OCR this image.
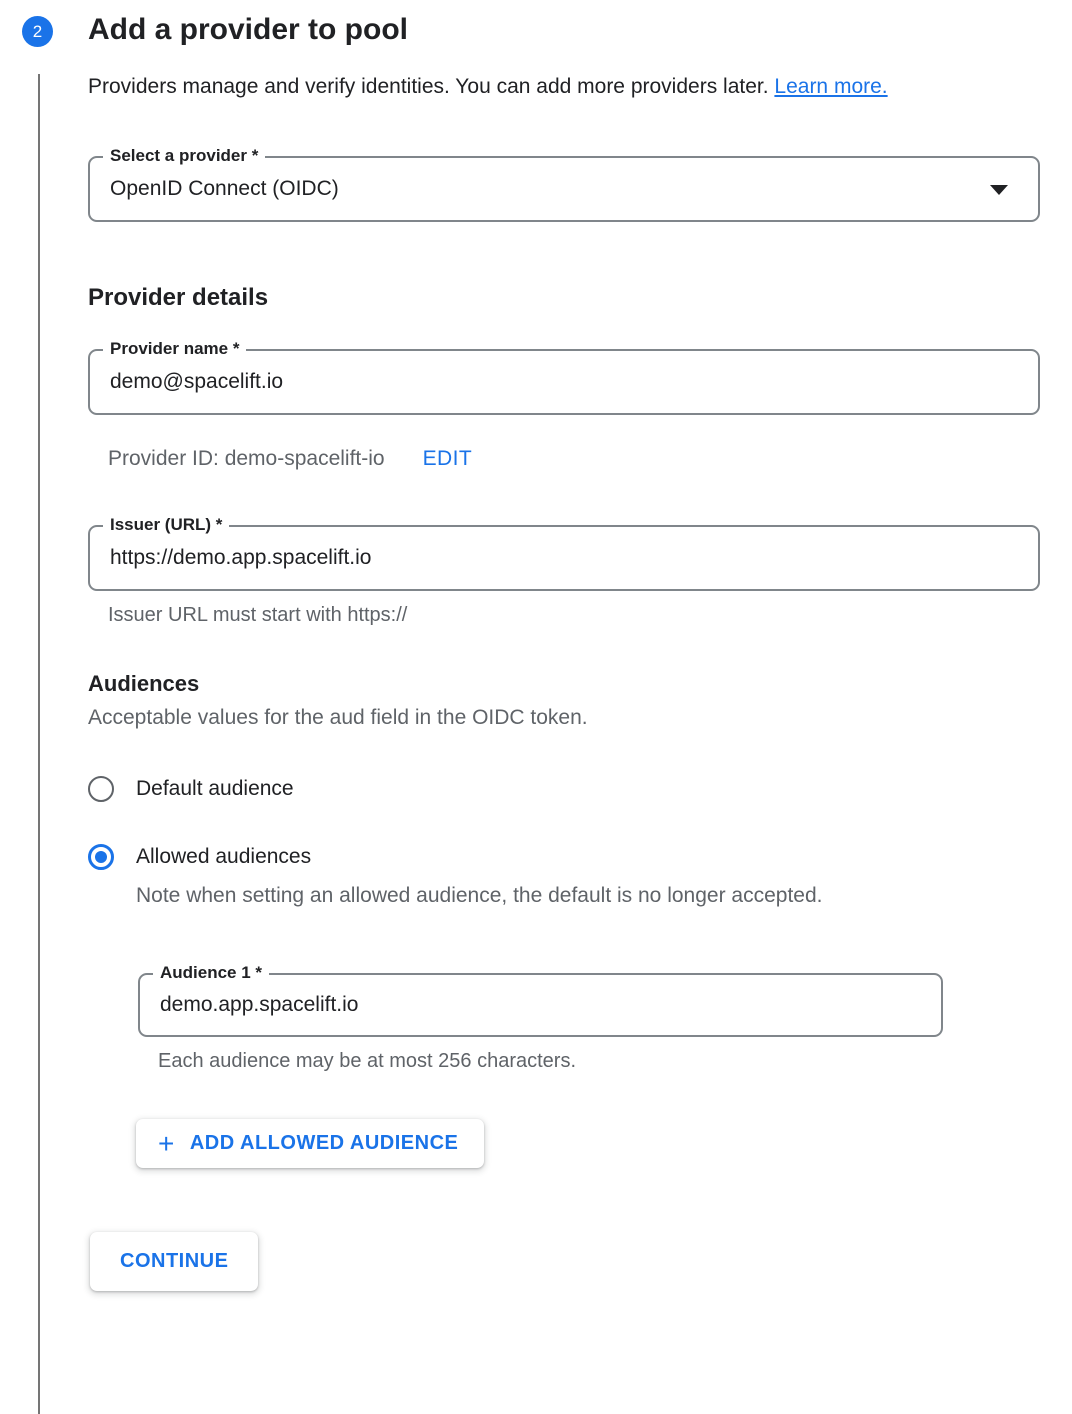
2	Add a provider to pool

Providers manage and verify identities. You can add more providers later. Learn more.

Select a provider *
OpenID Connect (OIDC)
Provider details
Provider name *
demo@spacelift.io
Provider ID: demo-spacelift-io EDIT
Issuer (URL) *
https://demo.app.spacelift.io
Issuer URL must start with https://
Audiences
Acceptable values for the aud field in the OIDC token.
Default audience
Allowed audiences
Note when setting an allowed audience, the default is no longer accepted.
Audience 1 *
demo.app.spacelift.io
Each audience may be at most 256 characters.
+ ADD ALLOWED AUDIENCE
CONTINUE
